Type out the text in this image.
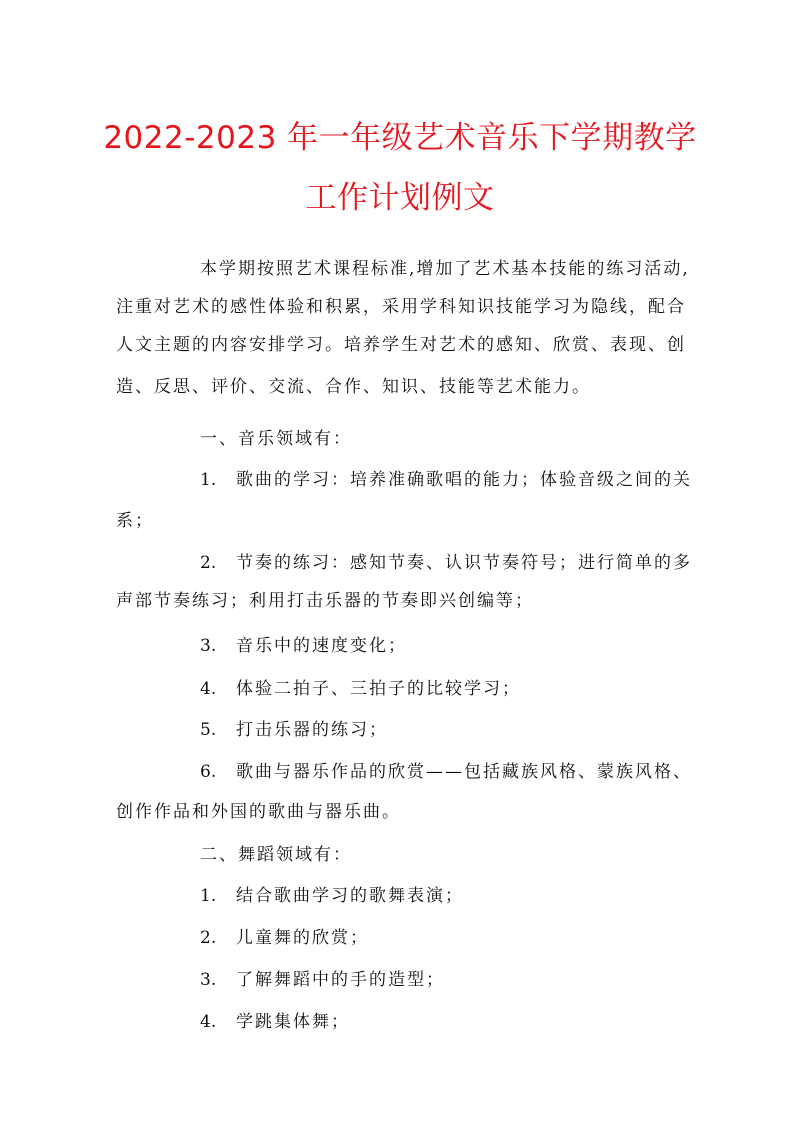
2022-2023 年一年级艺术音乐下学期教学
工作计划例文
本学期按照艺术课程标准,增加了艺术基本技能的练习活动,
注重对艺术的感性体验和积累，采用学科知识技能学习为隐线，配合
人文主题的内容安排学习。培养学生对艺术的感知、欣赏、表现、创
造、反思、评价、交流、合作、知识、技能等艺术能力。
一、音乐领域有：
1. 歌曲的学习：培养准确歌唱的能力；体验音级之间的关
系；
2. 节奏的练习：感知节奏、认识节奏符号；进行简单的多
声部节奏练习；利用打击乐器的节奏即兴创编等；
3. 音乐中的速度变化；
4. 体验二拍子、三拍子的比较学习；
5. 打击乐器的练习；
6. 歌曲与器乐作品的欣赏——包括藏族风格、蒙族风格、
创作作品和外国的歌曲与器乐曲。
二、舞蹈领域有：
1. 结合歌曲学习的歌舞表演；
2. 儿童舞的欣赏；
3. 了解舞蹈中的手的造型；
4. 学跳集体舞；
